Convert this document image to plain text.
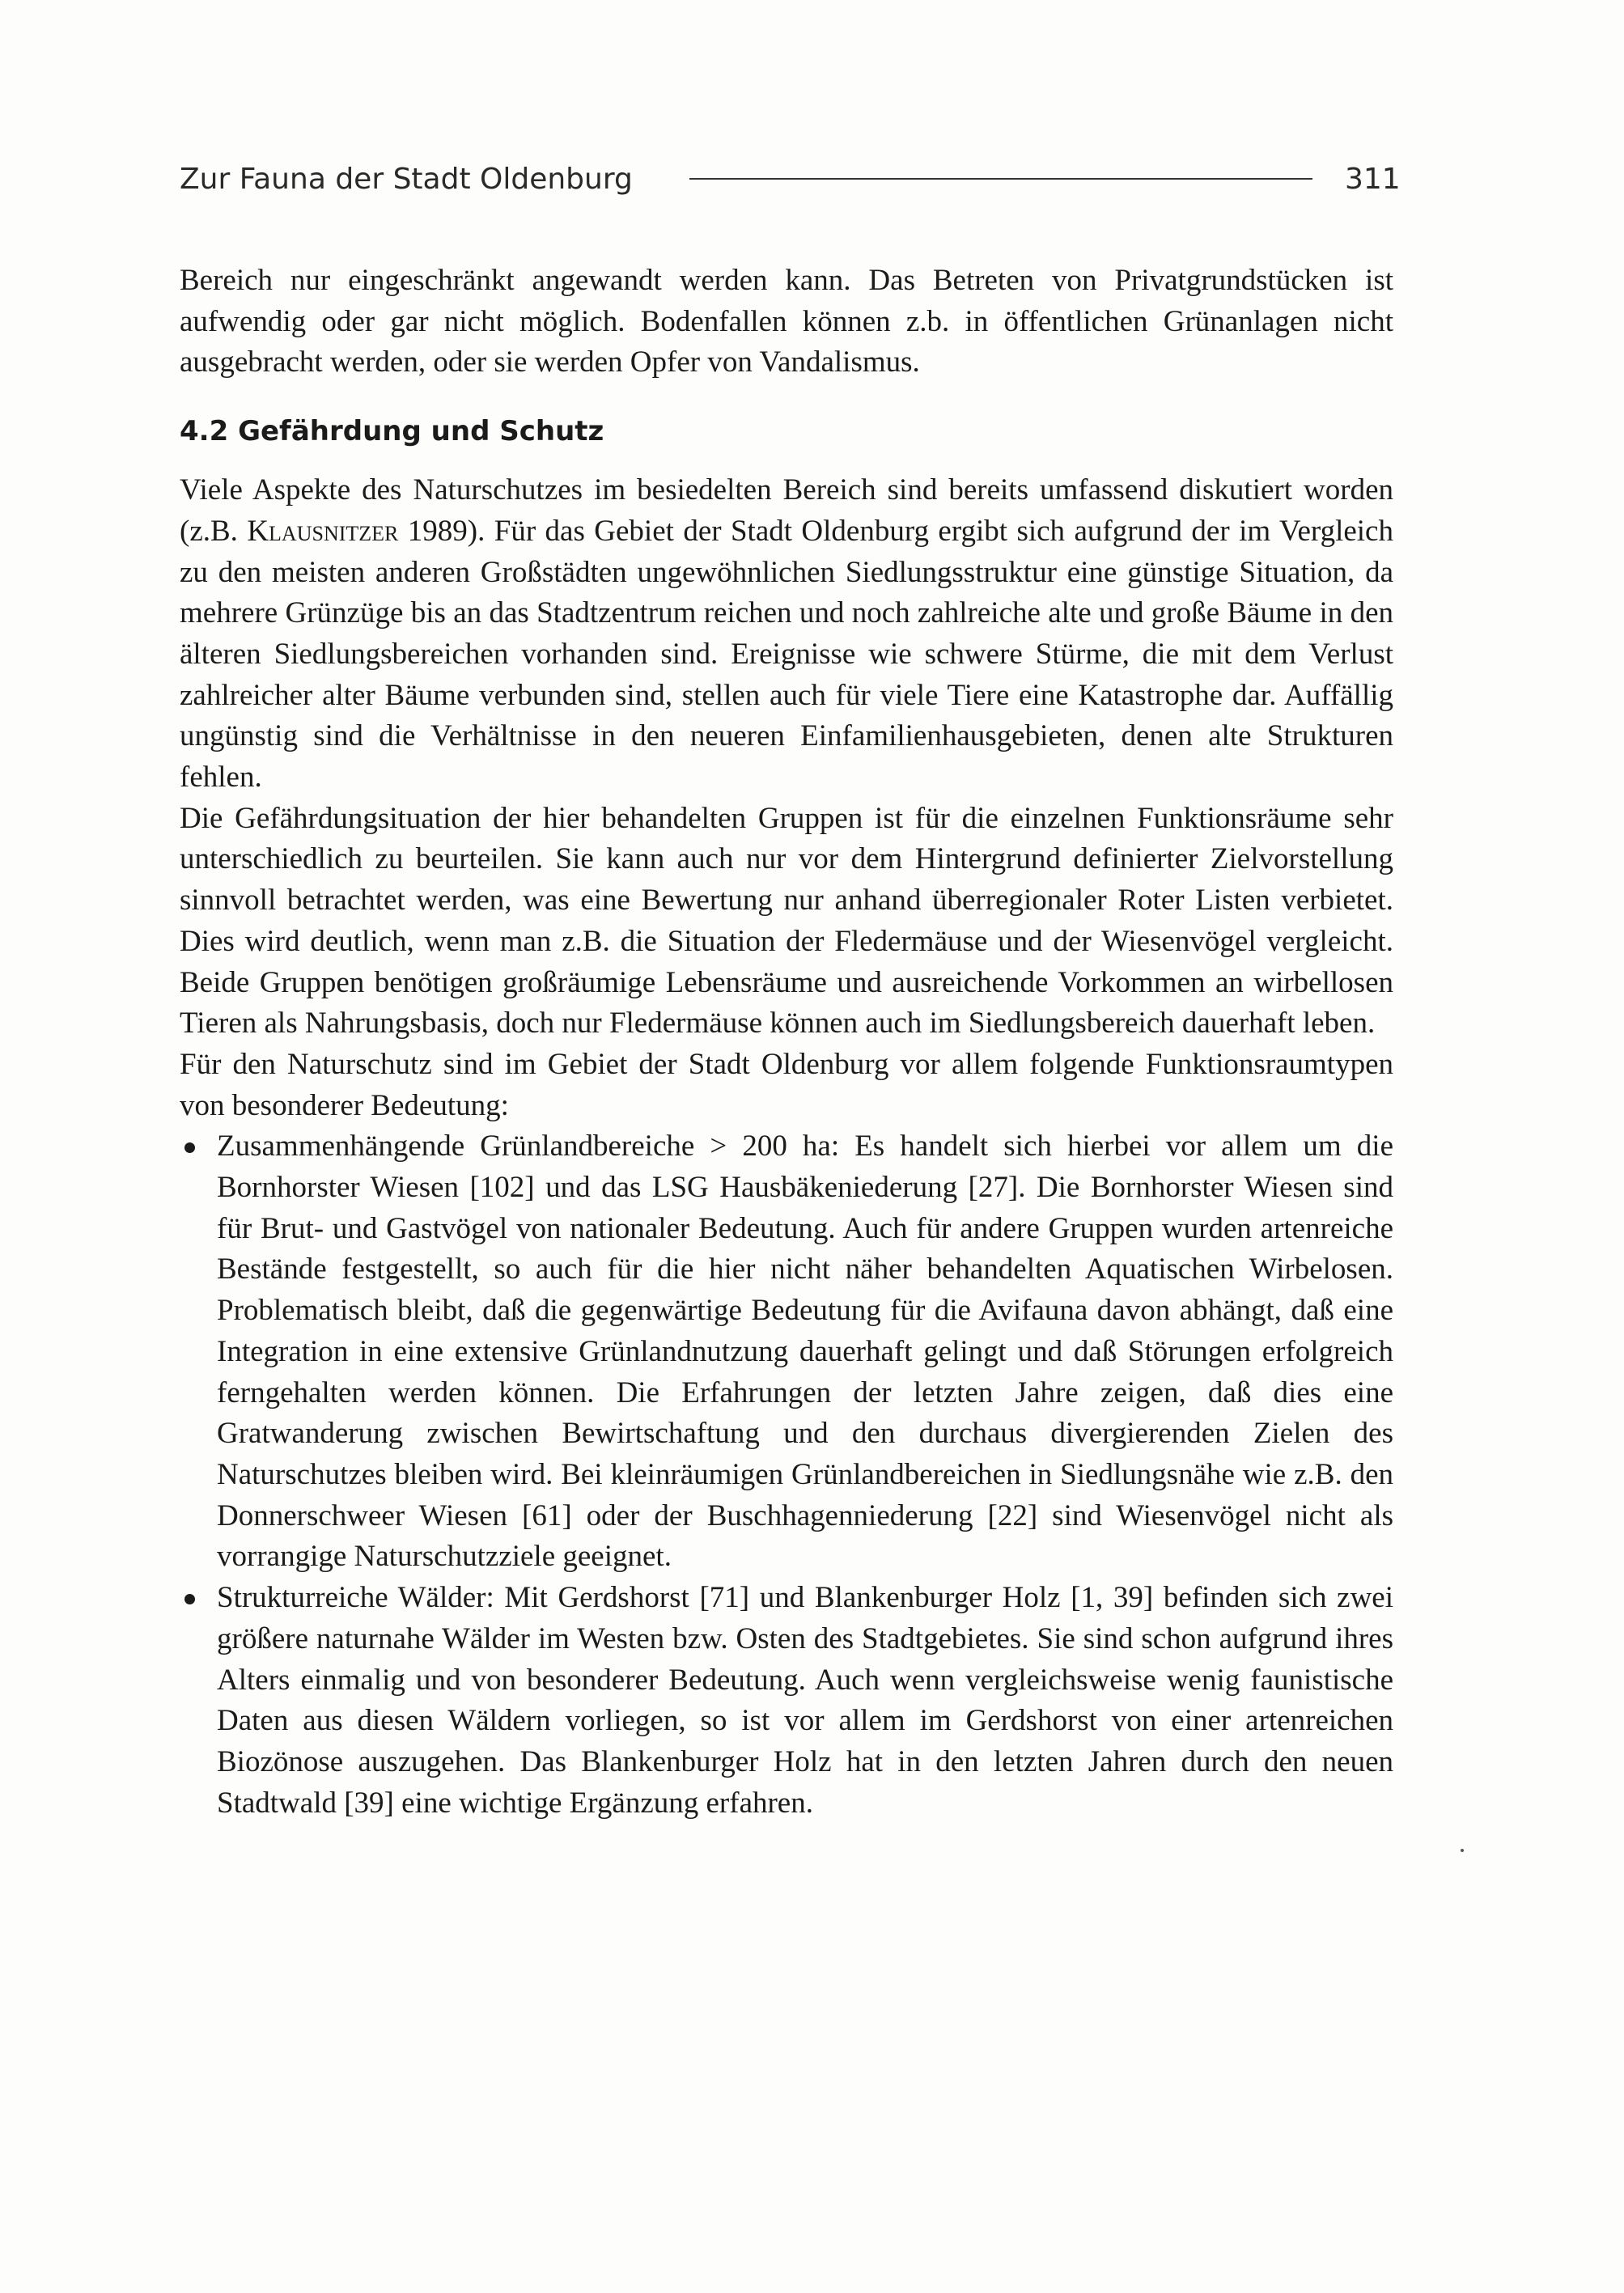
Zur Fauna der Stadt Oldenburg	311

Bereich nur eingeschränkt angewandt werden kann. Das Betreten von Privatgrundstücken ist aufwendig oder gar nicht möglich. Bodenfallen können z.b. in öffentlichen Grünanlagen nicht ausgebracht werden, oder sie werden Opfer von Vandalismus.

4.2 Gefährdung und Schutz

Viele Aspekte des Naturschutzes im besiedelten Bereich sind bereits umfassend diskutiert worden (z.B. Klausnitzer 1989). Für das Gebiet der Stadt Oldenburg ergibt sich aufgrund der im Vergleich zu den meisten anderen Großstädten ungewöhnlichen Siedlungsstruktur eine günstige Situation, da mehrere Grünzüge bis an das Stadtzentrum reichen und noch zahlreiche alte und große Bäume in den älteren Siedlungsbereichen vorhanden sind. Ereignisse wie schwere Stürme, die mit dem Verlust zahlreicher alter Bäume verbunden sind, stellen auch für viele Tiere eine Katastrophe dar. Auffällig ungünstig sind die Verhältnisse in den neueren Einfamilienhausgebieten, denen alte Strukturen fehlen.

Die Gefährdungsituation der hier behandelten Gruppen ist für die einzelnen Funktionsräume sehr unterschiedlich zu beurteilen. Sie kann auch nur vor dem Hintergrund definierter Zielvorstellung sinnvoll betrachtet werden, was eine Bewertung nur anhand überregionaler Roter Listen verbietet. Dies wird deutlich, wenn man z.B. die Situation der Fledermäuse und der Wiesenvögel vergleicht. Beide Gruppen benötigen großräumige Lebensräume und ausreichende Vorkommen an wirbellosen Tieren als Nahrungsbasis, doch nur Fledermäuse können auch im Siedlungsbereich dauerhaft leben.

Für den Naturschutz sind im Gebiet der Stadt Oldenburg vor allem folgende Funktionsraumtypen von besonderer Bedeutung:

Zusammenhängende Grünlandbereiche > 200 ha: Es handelt sich hierbei vor allem um die Bornhorster Wiesen [102] und das LSG Hausbäkeniederung [27]. Die Bornhorster Wiesen sind für Brut- und Gastvögel von nationaler Bedeutung. Auch für andere Gruppen wurden artenreiche Bestände festgestellt, so auch für die hier nicht näher behandelten Aquatischen Wirbelosen. Problematisch bleibt, daß die gegenwärtige Bedeutung für die Avifauna davon abhängt, daß eine Integration in eine extensive Grünlandnutzung dauerhaft gelingt und daß Störungen erfolgreich ferngehalten werden können. Die Erfahrungen der letzten Jahre zeigen, daß dies eine Gratwanderung zwischen Bewirtschaftung und den durchaus divergierenden Zielen des Naturschutzes bleiben wird. Bei kleinräumigen Grünlandbereichen in Siedlungsnähe wie z.B. den Donnerschweer Wiesen [61] oder der Buschhagenniederung [22] sind Wiesenvögel nicht als vorrangige Naturschutzziele geeignet.
Strukturreiche Wälder: Mit Gerdshorst [71] und Blankenburger Holz [1, 39] befinden sich zwei größere naturnahe Wälder im Westen bzw. Osten des Stadtgebietes. Sie sind schon aufgrund ihres Alters einmalig und von besonderer Bedeutung. Auch wenn vergleichsweise wenig faunistische Daten aus diesen Wäldern vorliegen, so ist vor allem im Gerdshorst von einer artenreichen Biozönose auszugehen. Das Blankenburger Holz hat in den letzten Jahren durch den neuen Stadtwald [39] eine wichtige Ergänzung erfahren.
